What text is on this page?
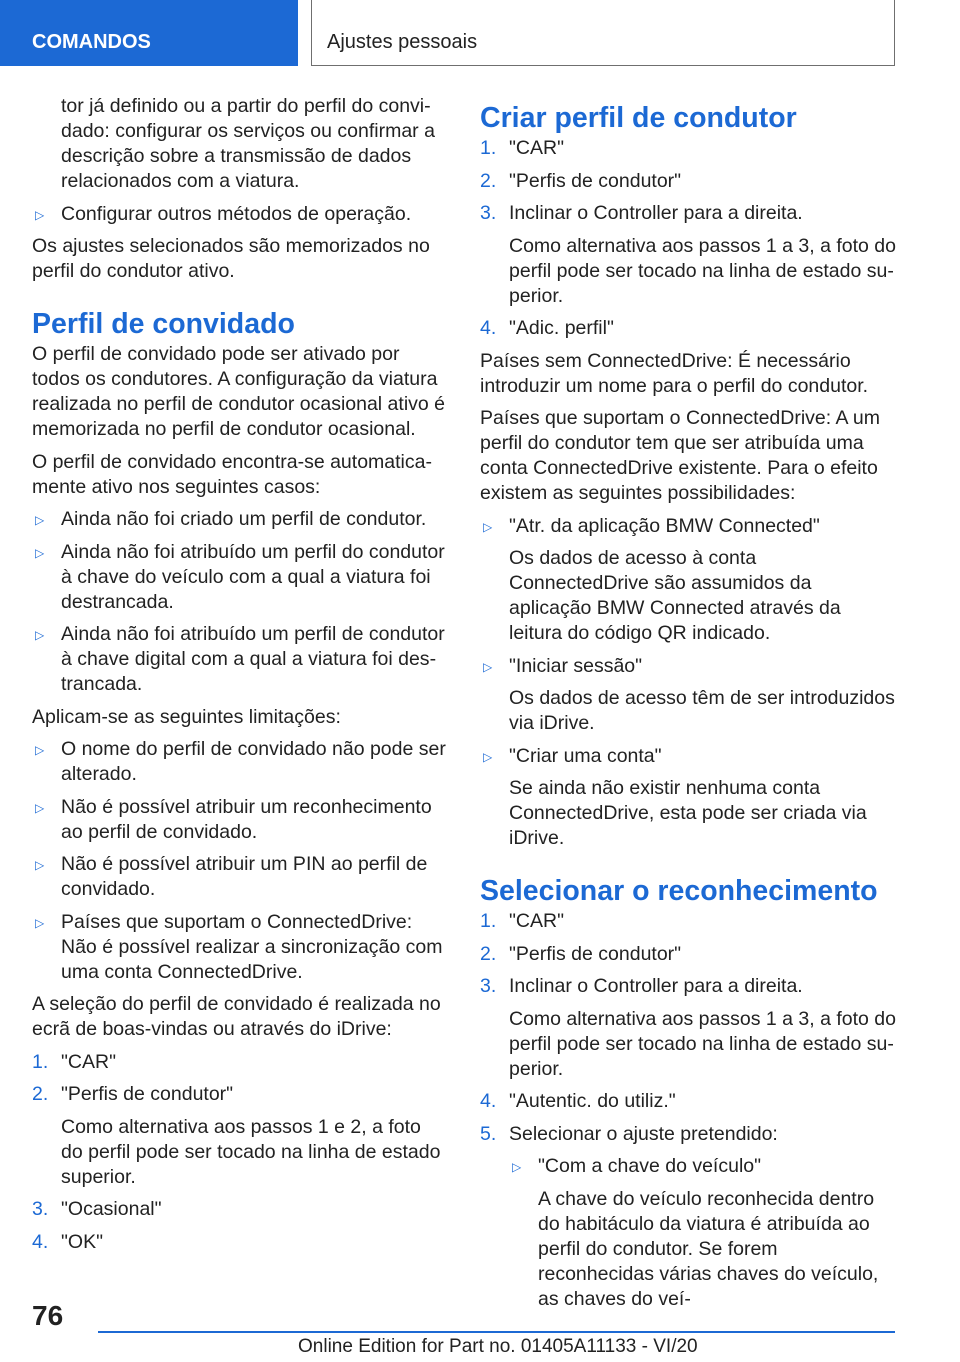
COMANDOS	Ajustes pessoais

tor já definido ou a partir do perfil do convidado: configurar os serviços ou confirmar a descrição sobre a transmissão de dados relacionados com a viatura.

▷ Configurar outros métodos de operação.

Os ajustes selecionados são memorizados no perfil do condutor ativo.

Perfil de convidado

O perfil de convidado pode ser ativado por todos os condutores. A configuração da viatura realizada no perfil de condutor ocasional ativo é memorizada no perfil de condutor ocasional.

O perfil de convidado encontra-se automaticamente ativo nos seguintes casos:

▷ Ainda não foi criado um perfil de condutor.
▷ Ainda não foi atribuído um perfil do condutor à chave do veículo com a qual a viatura foi destrancada.
▷ Ainda não foi atribuído um perfil de condutor à chave digital com a qual a viatura foi destrancada.

Aplicam-se as seguintes limitações:

▷ O nome do perfil de convidado não pode ser alterado.
▷ Não é possível atribuir um reconhecimento ao perfil de convidado.
▷ Não é possível atribuir um PIN ao perfil de convidado.
▷ Países que suportam o ConnectedDrive: Não é possível realizar a sincronização com uma conta ConnectedDrive.

A seleção do perfil de convidado é realizada no ecrã de boas-vindas ou através do iDrive:

1. "CAR"
2. "Perfis de condutor"

Como alternativa aos passos 1 e 2, a foto do perfil pode ser tocado na linha de estado superior.

3. "Ocasional"
4. "OK"
Criar perfil de condutor
1. "CAR"
2. "Perfis de condutor"
3. Inclinar o Controller para a direita.

Como alternativa aos passos 1 a 3, a foto do perfil pode ser tocado na linha de estado superior.

4. "Adic. perfil"

Países sem ConnectedDrive: É necessário introduzir um nome para o perfil do condutor.

Países que suportam o ConnectedDrive: A um perfil do condutor tem que ser atribuída uma conta ConnectedDrive existente. Para o efeito existem as seguintes possibilidades:

▷ "Atr. da aplicação BMW Connected"

Os dados de acesso à conta ConnectedDrive são assumidos da aplicação BMW Connected através da leitura do código QR indicado.

▷ "Iniciar sessão"

Os dados de acesso têm de ser introduzidos via iDrive.

▷ "Criar uma conta"

Se ainda não existir nenhuma conta ConnectedDrive, esta pode ser criada via iDrive.

Selecionar o reconhecimento
1. "CAR"
2. "Perfis de condutor"
3. Inclinar o Controller para a direita.

Como alternativa aos passos 1 a 3, a foto do perfil pode ser tocado na linha de estado superior.

4. "Autentic. do utiliz."
5. Selecionar o ajuste pretendido:
▷ "Com a chave do veículo"

A chave do veículo reconhecida dentro do habitáculo da viatura é atribuída ao perfil do condutor. Se forem reconhecidas várias chaves do veículo, as chaves do veí-

76
Online Edition for Part no. 01405A11133 - VI/20
